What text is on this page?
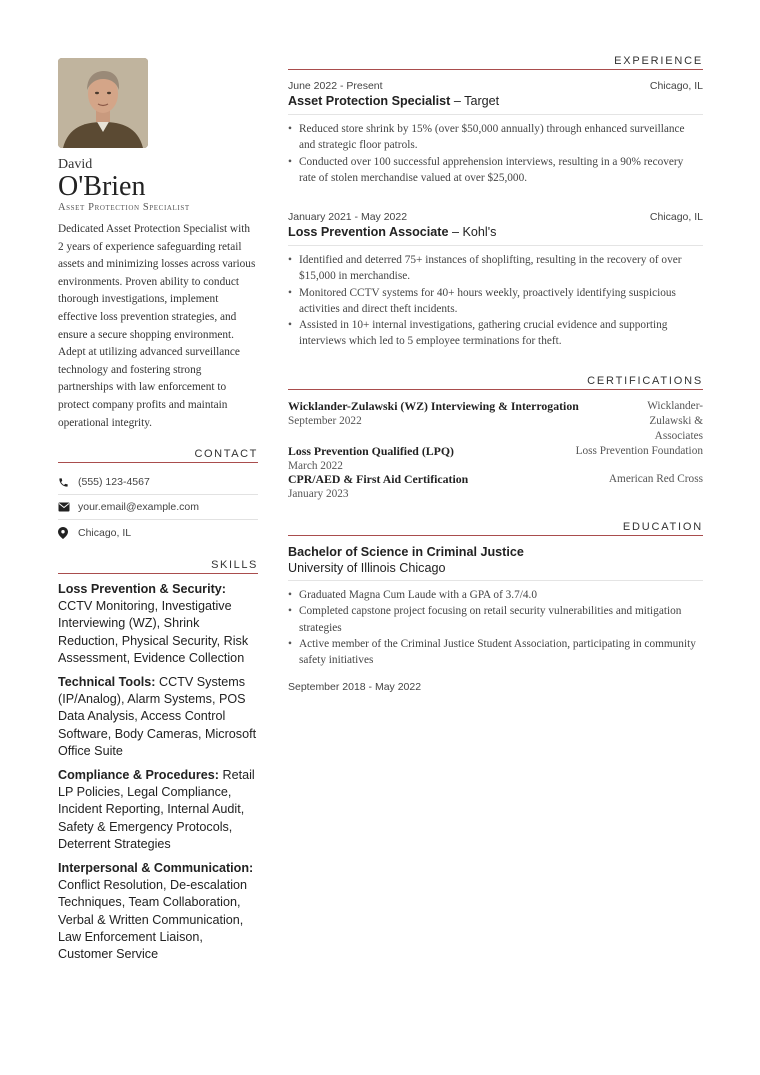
David
O'Brien
Asset Protection Specialist

Dedicated Asset Protection Specialist with 2 years of experience safeguarding retail assets and minimizing losses across various environments. Proven ability to conduct thorough investigations, implement effective loss prevention strategies, and ensure a secure shopping environment. Adept at utilizing advanced surveillance technology and fostering strong partnerships with law enforcement to protect company profits and maintain operational integrity.

CONTACT
(555) 123-4567
your.email@example.com
Chicago, IL
SKILLS
Loss Prevention & Security: CCTV Monitoring, Investigative Interviewing (WZ), Shrink Reduction, Physical Security, Risk Assessment, Evidence Collection
Technical Tools: CCTV Systems (IP/Analog), Alarm Systems, POS Data Analysis, Access Control Software, Body Cameras, Microsoft Office Suite
Compliance & Procedures: Retail LP Policies, Legal Compliance, Incident Reporting, Internal Audit, Safety & Emergency Protocols, Deterrent Strategies
Interpersonal & Communication: Conflict Resolution, De-escalation Techniques, Team Collaboration, Verbal & Written Communication, Law Enforcement Liaison, Customer Service
EXPERIENCE
June 2022 - Present	Chicago, IL
Asset Protection Specialist – Target
• Reduced store shrink by 15% (over $50,000 annually) through enhanced surveillance and strategic floor patrols.
• Conducted over 100 successful apprehension interviews, resulting in a 90% recovery rate of stolen merchandise valued at over $25,000.
January 2021 - May 2022	Chicago, IL
Loss Prevention Associate – Kohl's
• Identified and deterred 75+ instances of shoplifting, resulting in the recovery of over $15,000 in merchandise.
• Monitored CCTV systems for 40+ hours weekly, proactively identifying suspicious activities and direct theft incidents.
• Assisted in 10+ internal investigations, gathering crucial evidence and supporting interviews which led to 5 employee terminations for theft.
CERTIFICATIONS
Wicklander-Zulawski (WZ) Interviewing & Interrogation
September 2022
Wicklander-Zulawski & Associates
Loss Prevention Qualified (LPQ)
March 2022
Loss Prevention Foundation
CPR/AED & First Aid Certification
January 2023
American Red Cross
EDUCATION
Bachelor of Science in Criminal Justice
University of Illinois Chicago
• Graduated Magna Cum Laude with a GPA of 3.7/4.0
• Completed capstone project focusing on retail security vulnerabilities and mitigation strategies
• Active member of the Criminal Justice Student Association, participating in community safety initiatives
September 2018 - May 2022
